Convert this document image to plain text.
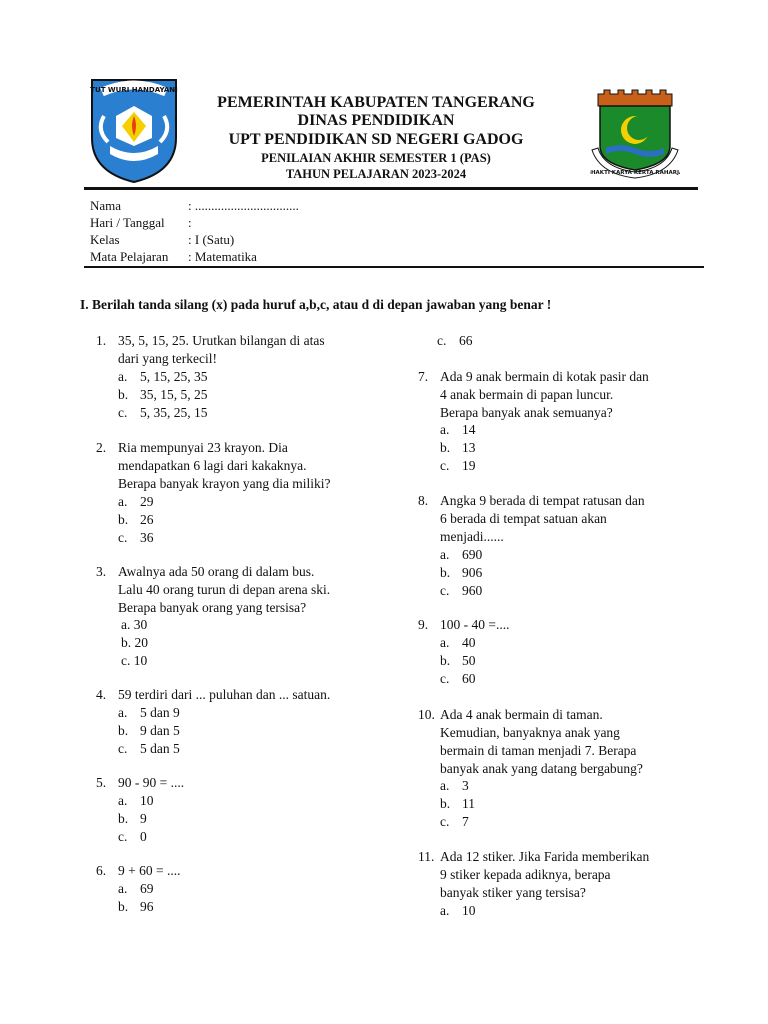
TUT WURI HANDAYANI
BHAKTI KARYA KERTA RAHARJA
PEMERINTAH KABUPATEN TANGERANG
DINAS PENDIDIKAN
UPT PENDIDIKAN SD NEGERI GADOG
PENILAIAN AKHIR SEMESTER 1 (PAS)
TAHUN PELAJARAN 2023-2024
Nama	: ................................
Hari / Tanggal :
Kelas	: I (Satu)
Mata Pelajaran : Matematika
I. Berilah tanda silang (x) pada huruf a,b,c, atau d di depan jawaban yang benar !
1. 35, 5, 15, 25. Urutkan bilangan di atas
dari yang terkecil!
a. 5, 15, 25, 35
b. 35, 15, 5, 25
c. 5, 35, 25, 15
2. Ria mempunyai 23 krayon. Dia
mendapatkan 6 lagi dari kakaknya.
Berapa banyak krayon yang dia miliki?
a. 29
b. 26
c. 36
3. Awalnya ada 50 orang di dalam bus.
Lalu 40 orang turun di depan arena ski.
Berapa banyak orang yang tersisa?
a. 30
b. 20
c. 10
4. 59 terdiri dari ... puluhan dan ... satuan.
a. 5 dan 9
b. 9 dan 5
c. 5 dan 5
5. 90 - 90 = ....
a. 10
b. 9
c. 0
6. 9 + 60 = ....
a. 69
b. 96
c. 66
7. Ada 9 anak bermain di kotak pasir dan
4 anak bermain di papan luncur.
Berapa banyak anak semuanya?
a. 14
b. 13
c. 19
8. Angka 9 berada di tempat ratusan dan
6 berada di tempat satuan akan
menjadi......
a. 690
b. 906
c. 960
9. 100 - 40 =....
a. 40
b. 50
c. 60
10. Ada 4 anak bermain di taman.
Kemudian, banyaknya anak yang
bermain di taman menjadi 7. Berapa
banyak anak yang datang bergabung?
a. 3
b. 11
c. 7
11. Ada 12 stiker. Jika Farida memberikan
9 stiker kepada adiknya, berapa
banyak stiker yang tersisa?
a. 10
